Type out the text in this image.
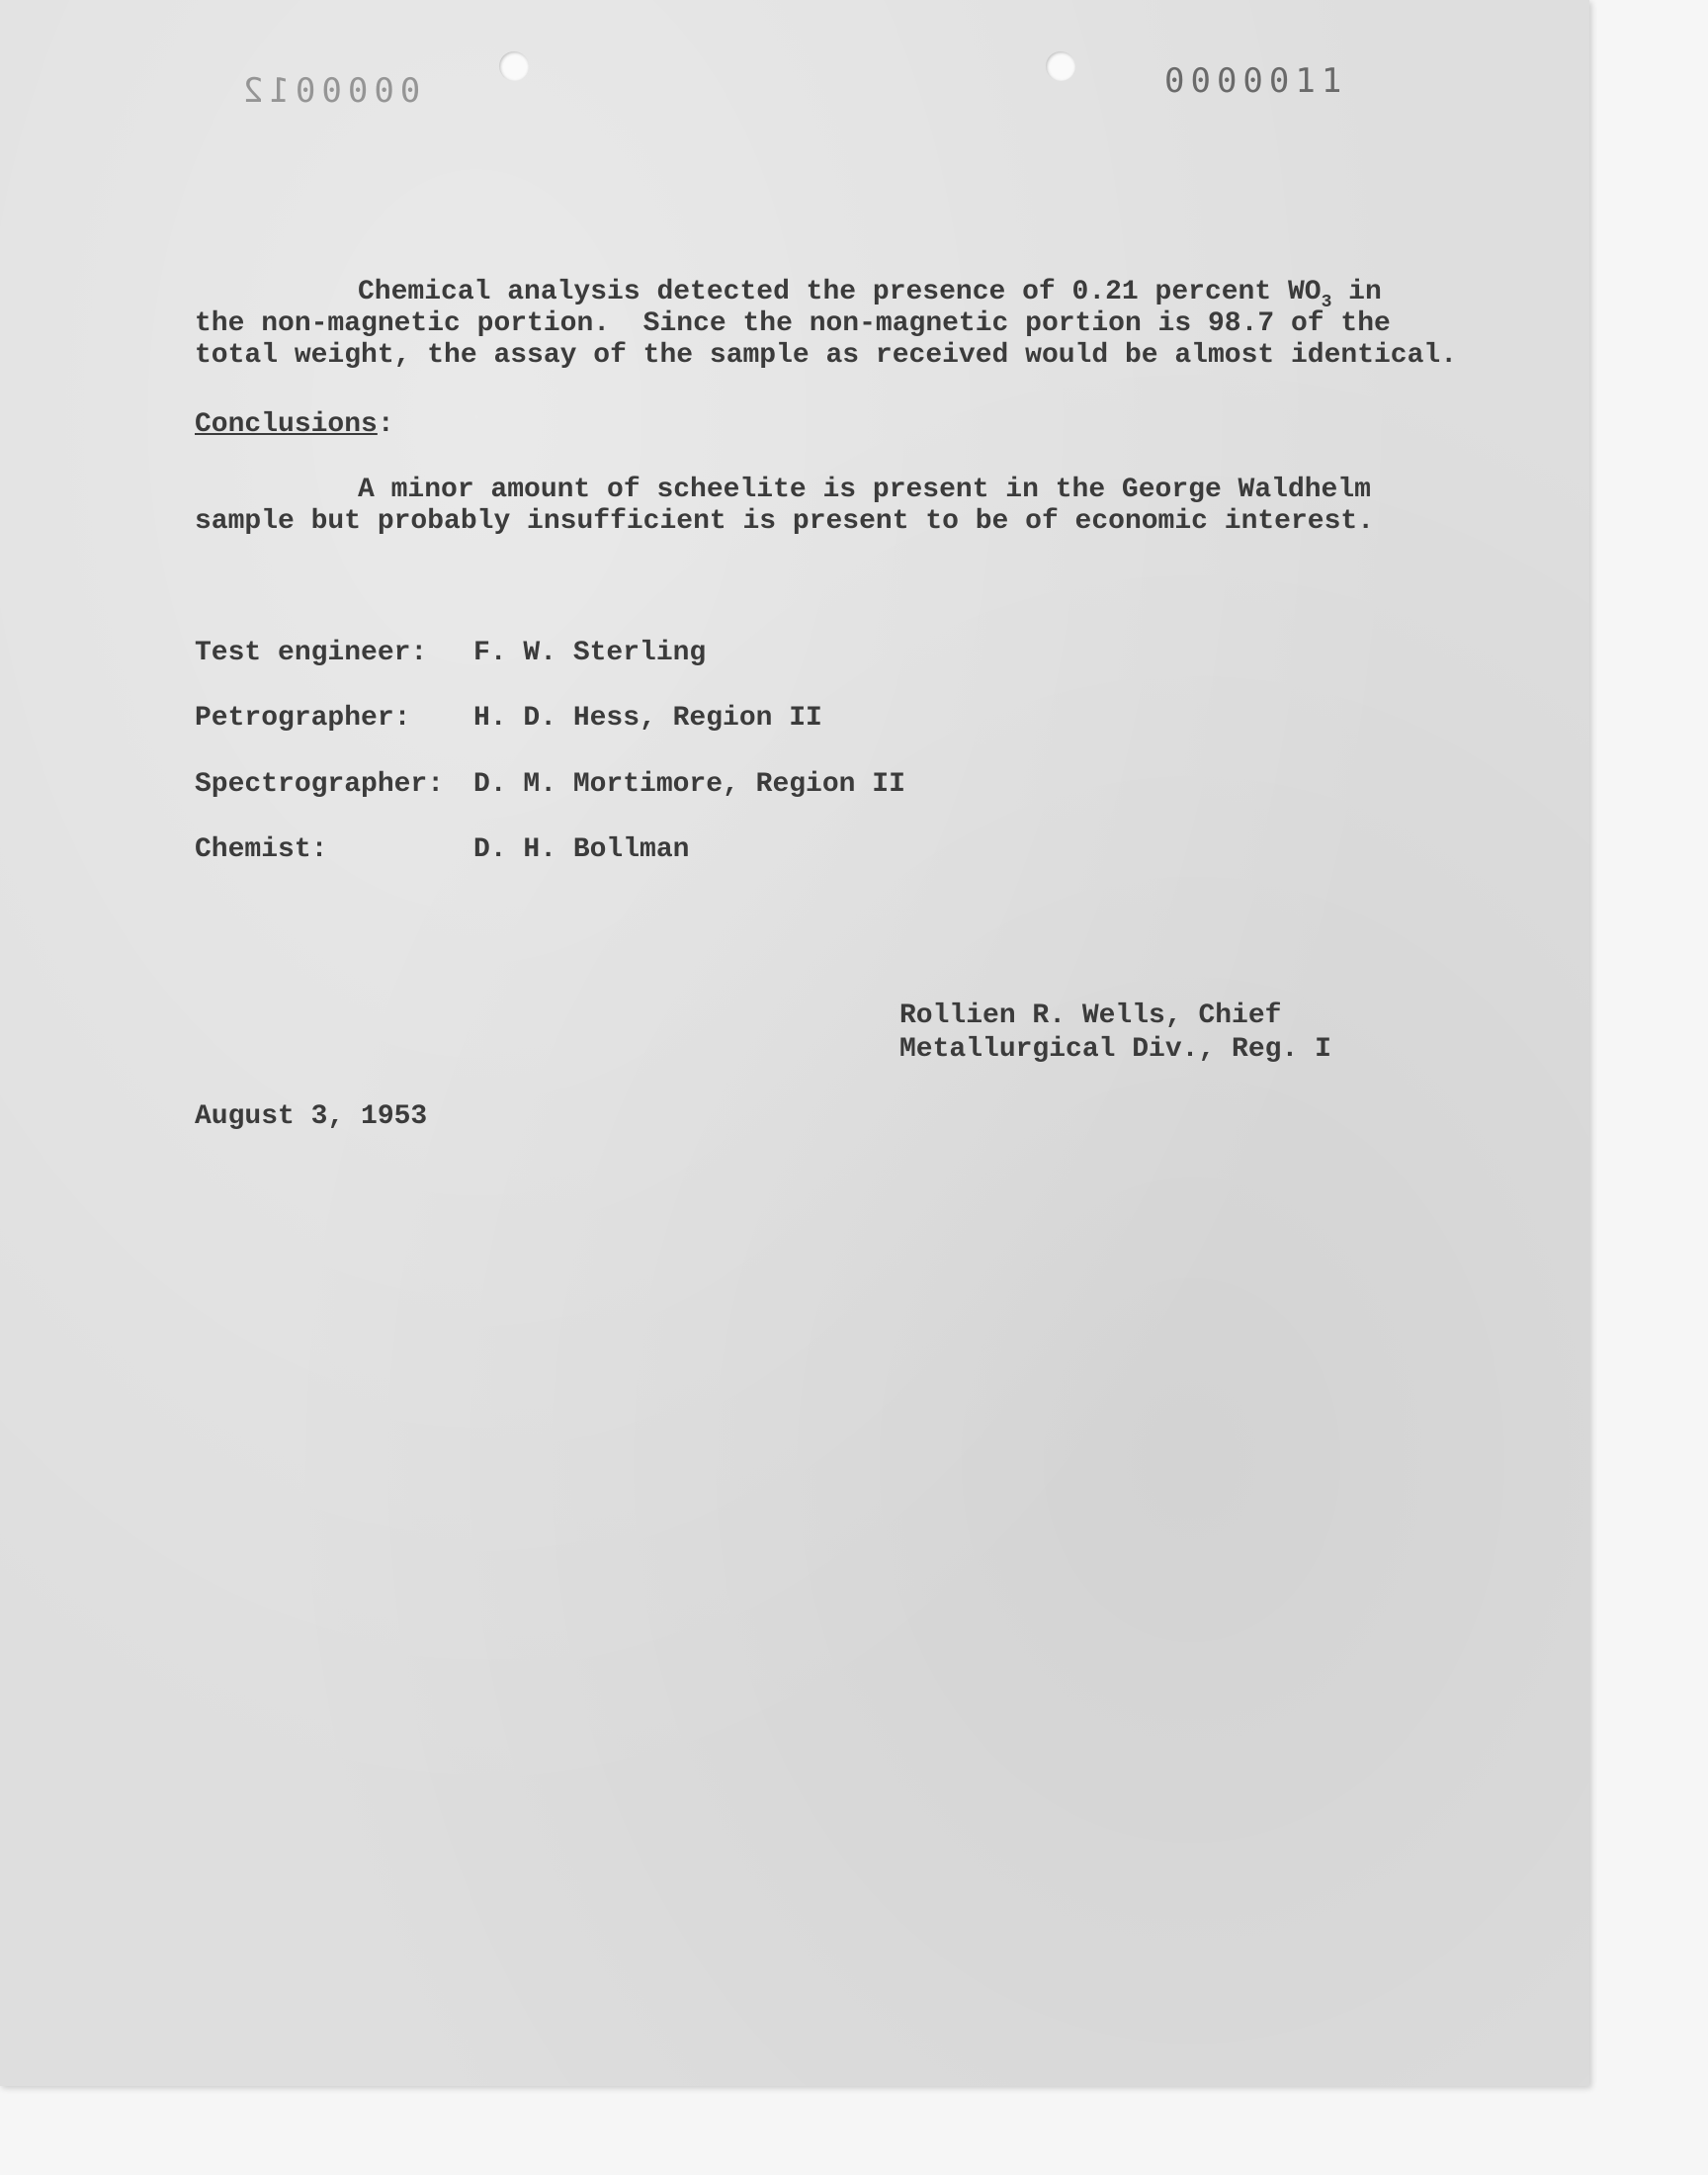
0000012	0000011
Chemical analysis detected the presence of 0.21 percent $WO_3$ in
the non-magnetic portion.  Since the non-magnetic portion is 98.7 of the
total weight, the assay of the sample as received would be almost identical.
Conclusions:
A minor amount of scheelite is present in the George Waldhelm
sample but probably insufficient is present to be of economic interest.
Test engineer: F. W. Sterling
Petrographer: H. D. Hess, Region II
Spectrographer: D. M. Mortimore, Region II
Chemist:	D. H. Bollman
Rollien R. Wells, Chief
Metallurgical Div., Reg. I
August 3, 1953
